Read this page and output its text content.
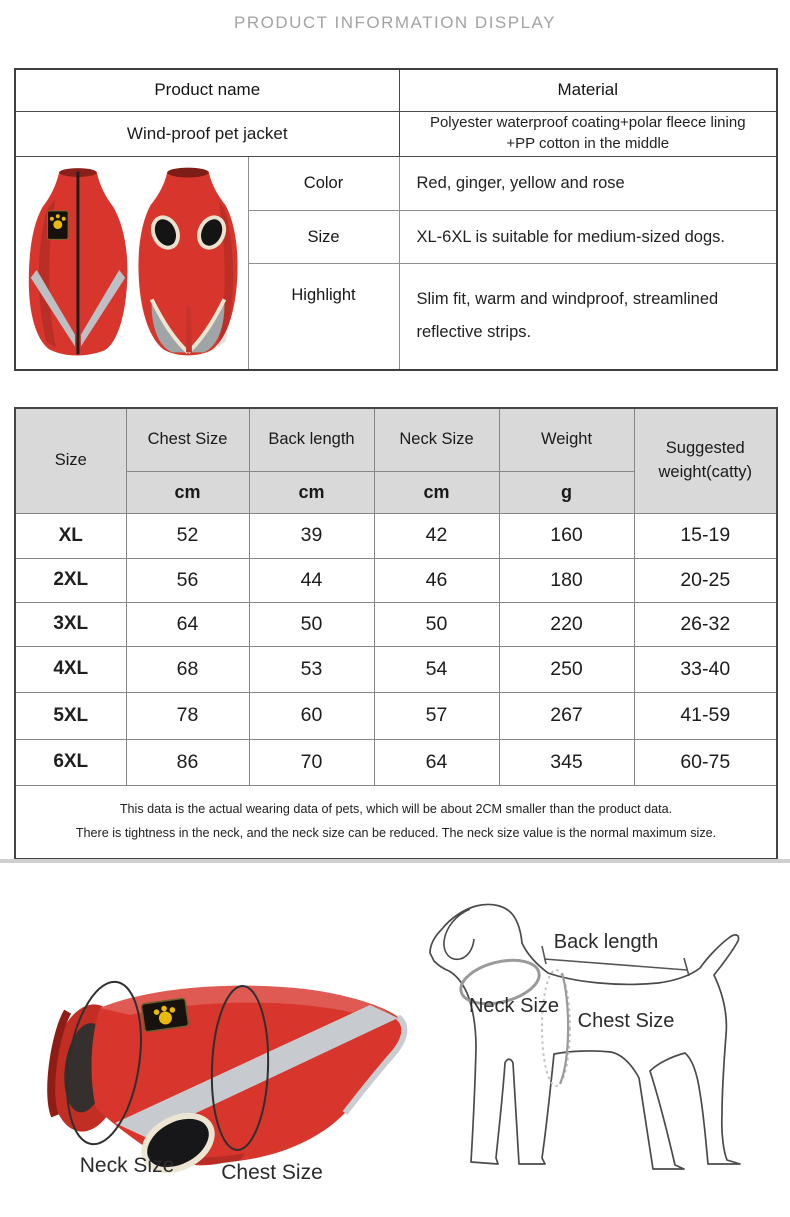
PRODUCT INFORMATION DISPLAY
Product name		Material
Wind-proof pet jacket		Polyester waterproof coating+polar fleece lining
+PP cotton in the middle

	Color	Red, ginger, yellow and rose
	Size	XL-6XL is suitable for medium-sized dogs.
	Highlight	Slim fit, warm and windproof, streamlined reflective strips.
Size	Chest Size	Back length	Neck Size	Weight	Suggested weight(catty)
	cm	cm	cm	g	
XL	52	39	42	160	15-19
2XL	56	44	46	180	20-25
3XL	64	50	50	220	26-32
4XL	68	53	54	250	33-40
5XL	78	60	57	267	41-59
6XL	86	70	64	345	60-75

This data is the actual wearing data of pets, which will be about 2CM smaller than the product data.
There is tightness in the neck, and the neck size can be reduced. The neck size value is the normal maximum size.					
Neck Size Chest Size
Back length
Neck Size
Chest Size
